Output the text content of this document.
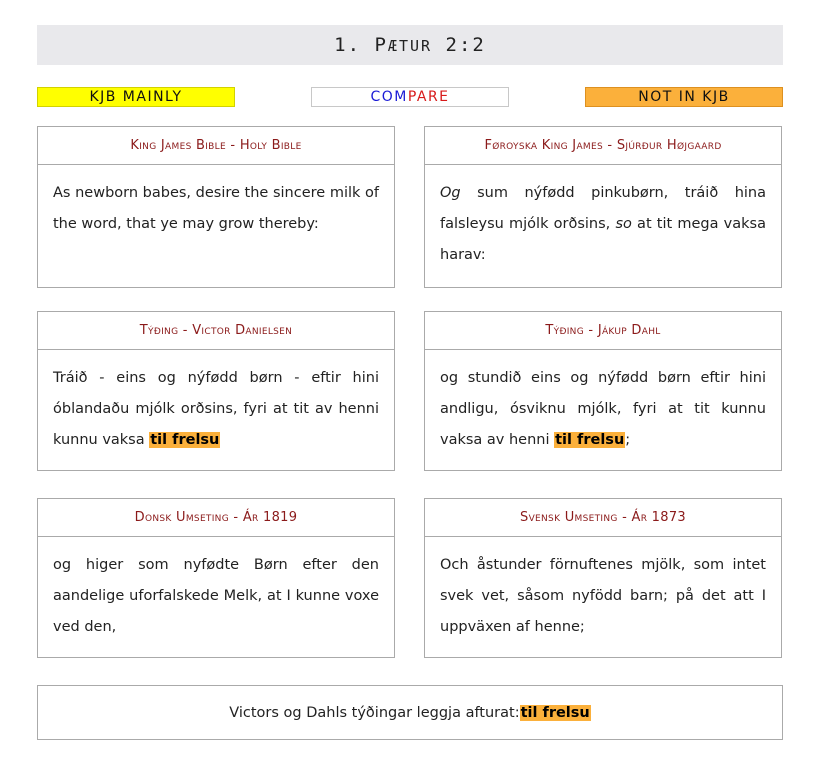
1. PÆTUR 2:2
KJB MAINLY	COM PARE	NOT IN KJB
King James Bible - Holy Bible
As newborn babes, desire the sincere milk of the word, that ye may grow thereby:
Føroyska King James - Sjúrður Højgaard
Og sum nýfødd pinkubørn, tráið hina falsleysu mjólk orðsins, so at tit mega vaksa harav:
Týðing - Victor Danielsen
Tráið - eins og nýfødd børn - eftir hini óblandaðu mjólk orðsins, fyri at tit av henni kunnu vaksa til frelsu
Týðing - Jákup Dahl
og stundið eins og nýfødd børn eftir hini andligu, ósviknu mjólk, fyri at tit kunnu vaksa av henni til frelsu;
Donsk Umseting - Ár 1819
og higer som nyfødte Børn efter den aandelige uforfalskede Melk, at I kunne voxe ved den,
Svensk Umseting - Ár 1873
Och åstunder förnuftenes mjölk, som intet svek vet, såsom nyfödd barn; på det att I uppväxen af henne;
Victors og Dahls týðingar leggja afturat: til frelsu
